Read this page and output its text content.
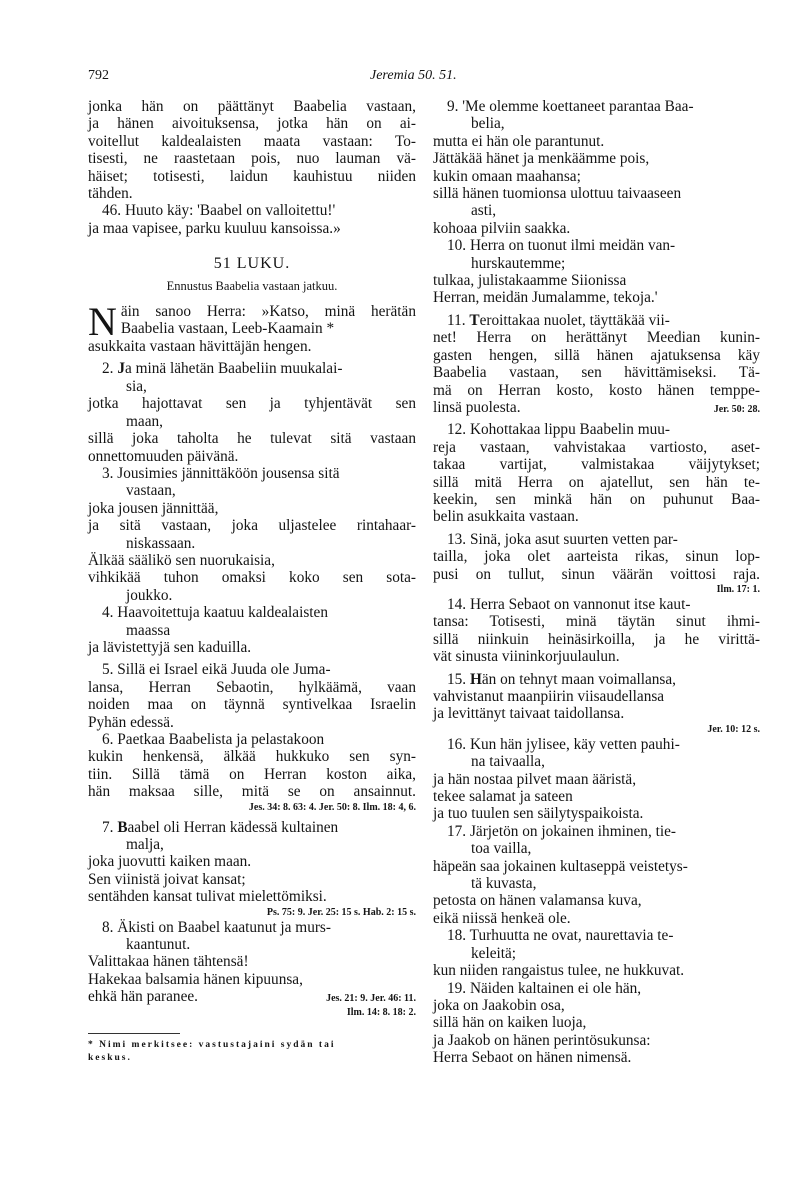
792	Jeremia 50. 51.
jonka hän on päättänyt Baabelia vastaan,
ja hänen aivoituksensa, jotka hän on ai-
voitellut kaldealaisten maata vastaan: To-
tisesti, ne raastetaan pois, nuo lauman vä-
häiset; totisesti, laidun kauhistuu niiden
tähden.
46. Huuto käy: 'Baabel on valloitettu!'
ja maa vapisee, parku kuuluu kansoissa.»
51 LUKU.
Ennustus Baabelia vastaan jatkuu.
N äin sanoo Herra: »Katso, minä herätän
Baabelia vastaan, Leeb-Kaamain *
asukkaita vastaan hävittäjän hengen.
2. Ja minä lähetän Baabeliin muukalai-
sia,
jotka hajottavat sen ja tyhjentävät sen
maan,
sillä joka taholta he tulevat sitä vastaan
onnettomuuden päivänä.
3. Jousimies jännittäköön jousensa sitä
vastaan,
joka jousen jännittää,
ja sitä vastaan, joka uljastelee rintahaar-
niskassaan.
Älkää säälikö sen nuorukaisia,
vihkikää tuhon omaksi koko sen sota-
joukko.
4. Haavoitettuja kaatuu kaldealaisten
maassa
ja lävistettyjä sen kaduilla.
5. Sillä ei Israel eikä Juuda ole Juma-
lansa, Herran Sebaotin, hylkäämä, vaan
noiden maa on täynnä syntivelkaa Israelin
Pyhän edessä.
6. Paetkaa Baabelista ja pelastakoon
kukin henkensä, älkää hukkuko sen syn-
tiin. Sillä tämä on Herran koston aika,
hän maksaa sille, mitä se on ansainnut.
Jes. 34: 8. 63: 4. Jer. 50: 8. Ilm. 18: 4, 6.
7. Baabel oli Herran kädessä kultainen
malja,
joka juovutti kaiken maan.
Sen viinistä joivat kansat;
sentähden kansat tulivat mielettömiksi.
Ps. 75: 9. Jer. 25: 15 s. Hab. 2: 15 s.
8. Äkisti on Baabel kaatunut ja murs-
kaantunut.
Valittakaa hänen tähtensä!
Hakekaa balsamia hänen kipuunsa,
ehkä hän paranee.	Jes. 21: 9. Jer. 46: 11.
Ilm. 14: 8. 18: 2.
* Nimi merkitsee: vastustajaini sydän tai
keskus.
9. 'Me olemme koettaneet parantaa Baa-
belia,
mutta ei hän ole parantunut.
Jättäkää hänet ja menkäämme pois,
kukin omaan maahansa;
sillä hänen tuomionsa ulottuu taivaaseen
asti,
kohoaa pilviin saakka.
10. Herra on tuonut ilmi meidän van-
hurskautemme;
tulkaa, julistakaamme Siionissa
Herran, meidän Jumalamme, tekoja.'
11. Teroittakaa nuolet, täyttäkää vii-
net! Herra on herättänyt Meedian kunin-
gasten hengen, sillä hänen ajatuksensa käy
Baabelia vastaan, sen hävittämiseksi. Tä-
mä on Herran kosto, kosto hänen temppe-
linsä puolesta.	Jer. 50: 28.
12. Kohottakaa lippu Baabelin muu-
reja vastaan, vahvistakaa vartiosto, aset-
takaa vartijat, valmistakaa väijytykset;
sillä mitä Herra on ajatellut, sen hän te-
keekin, sen minkä hän on puhunut Baa-
belin asukkaita vastaan.
13. Sinä, joka asut suurten vetten par-
tailla, joka olet aarteista rikas, sinun lop-
pusi on tullut, sinun väärän voittosi raja.
Ilm. 17: 1.
14. Herra Sebaot on vannonut itse kaut-
tansa: Totisesti, minä täytän sinut ihmi-
sillä niinkuin heinäsirkoilla, ja he virittä-
vät sinusta viininkorjuulaulun.
15. Hän on tehnyt maan voimallansa,
vahvistanut maanpiirin viisaudellansa
ja levittänyt taivaat taidollansa.
Jer. 10: 12 s.
16. Kun hän jylisee, käy vetten pauhi-
na taivaalla,
ja hän nostaa pilvet maan ääristä,
tekee salamat ja sateen
ja tuo tuulen sen säilytyspaikoista.
17. Järjetön on jokainen ihminen, tie-
toa vailla,
häpeän saa jokainen kultaseppä veistetys-
tä kuvasta,
petosta on hänen valamansa kuva,
eikä niissä henkeä ole.
18. Turhuutta ne ovat, naurettavia te-
keleitä;
kun niiden rangaistus tulee, ne hukkuvat.
19. Näiden kaltainen ei ole hän,
joka on Jaakobin osa,
sillä hän on kaiken luoja,
ja Jaakob on hänen perintösukunsa:
Herra Sebaot on hänen nimensä.
